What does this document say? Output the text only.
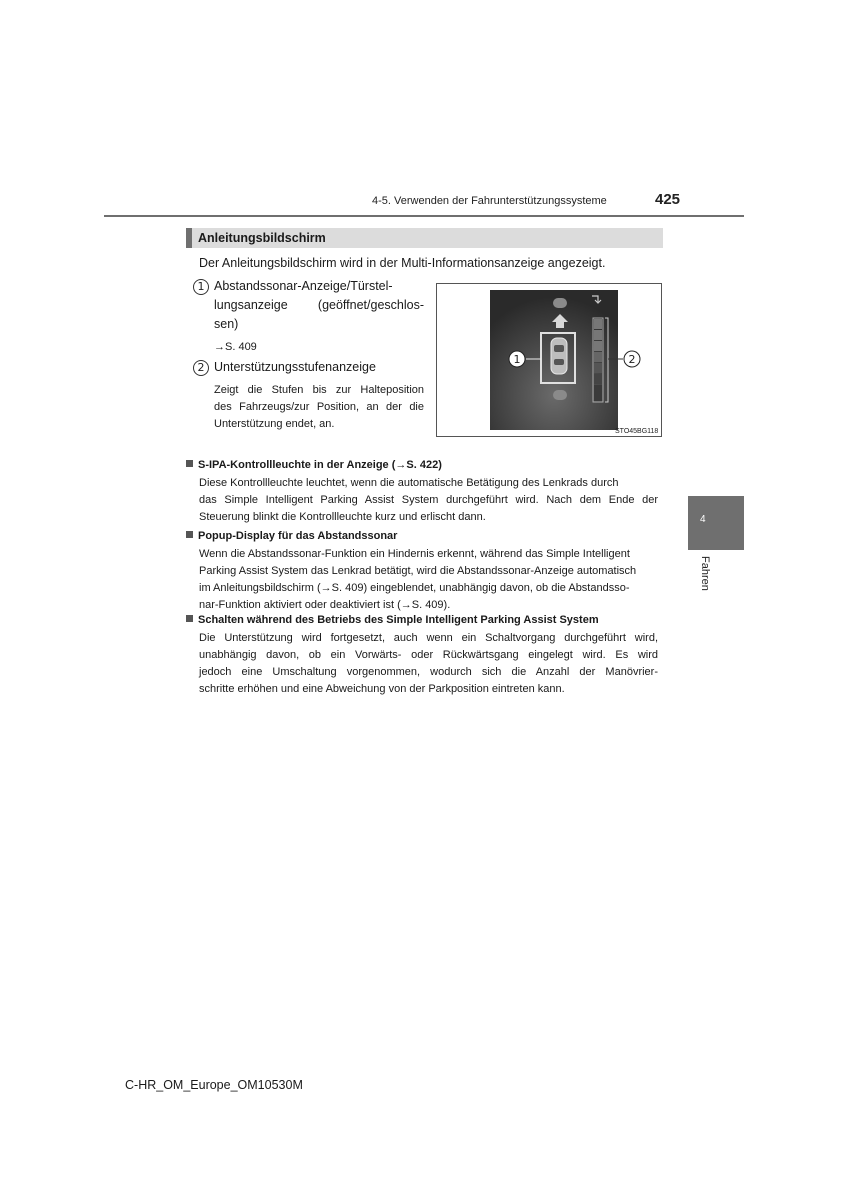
4-5. Verwenden der Fahrunterstützungssysteme	425
Anleitungsbildschirm
Der Anleitungsbildschirm wird in der Multi-Informationsanzeige angezeigt.
1 Abstandssonar-Anzeige/Türstel-
lungsanzeige (geöffnet/geschlos-
sen)
→S. 409
2 Unterstützungsstufenanzeige
Zeigt die Stufen bis zur Halteposition
des Fahrzeugs/zur Position, an der die
Unterstützung endet, an.
1	2
STO45BG118
S-IPA-Kontrollleuchte in der Anzeige (→S. 422)
Diese Kontrollleuchte leuchtet, wenn die automatische Betätigung des Lenkrads durch
das Simple Intelligent Parking Assist System durchgeführt wird. Nach dem Ende der
Steuerung blinkt die Kontrollleuchte kurz und erlischt dann.
Popup-Display für das Abstandssonar
Wenn die Abstandssonar-Funktion ein Hindernis erkennt, während das Simple Intelligent
Parking Assist System das Lenkrad betätigt, wird die Abstandssonar-Anzeige automatisch
im Anleitungsbildschirm (→S. 409) eingeblendet, unabhängig davon, ob die Abstandsso-
nar-Funktion aktiviert oder deaktiviert ist (→S. 409).
Schalten während des Betriebs des Simple Intelligent Parking Assist System
Die Unterstützung wird fortgesetzt, auch wenn ein Schaltvorgang durchgeführt wird,
unabhängig davon, ob ein Vorwärts- oder Rückwärtsgang eingelegt wird. Es wird
jedoch eine Umschaltung vorgenommen, wodurch sich die Anzahl der Manövrier-
schritte erhöhen und eine Abweichung von der Parkposition eintreten kann.
4
Fahren
C-HR_OM_Europe_OM10530M
